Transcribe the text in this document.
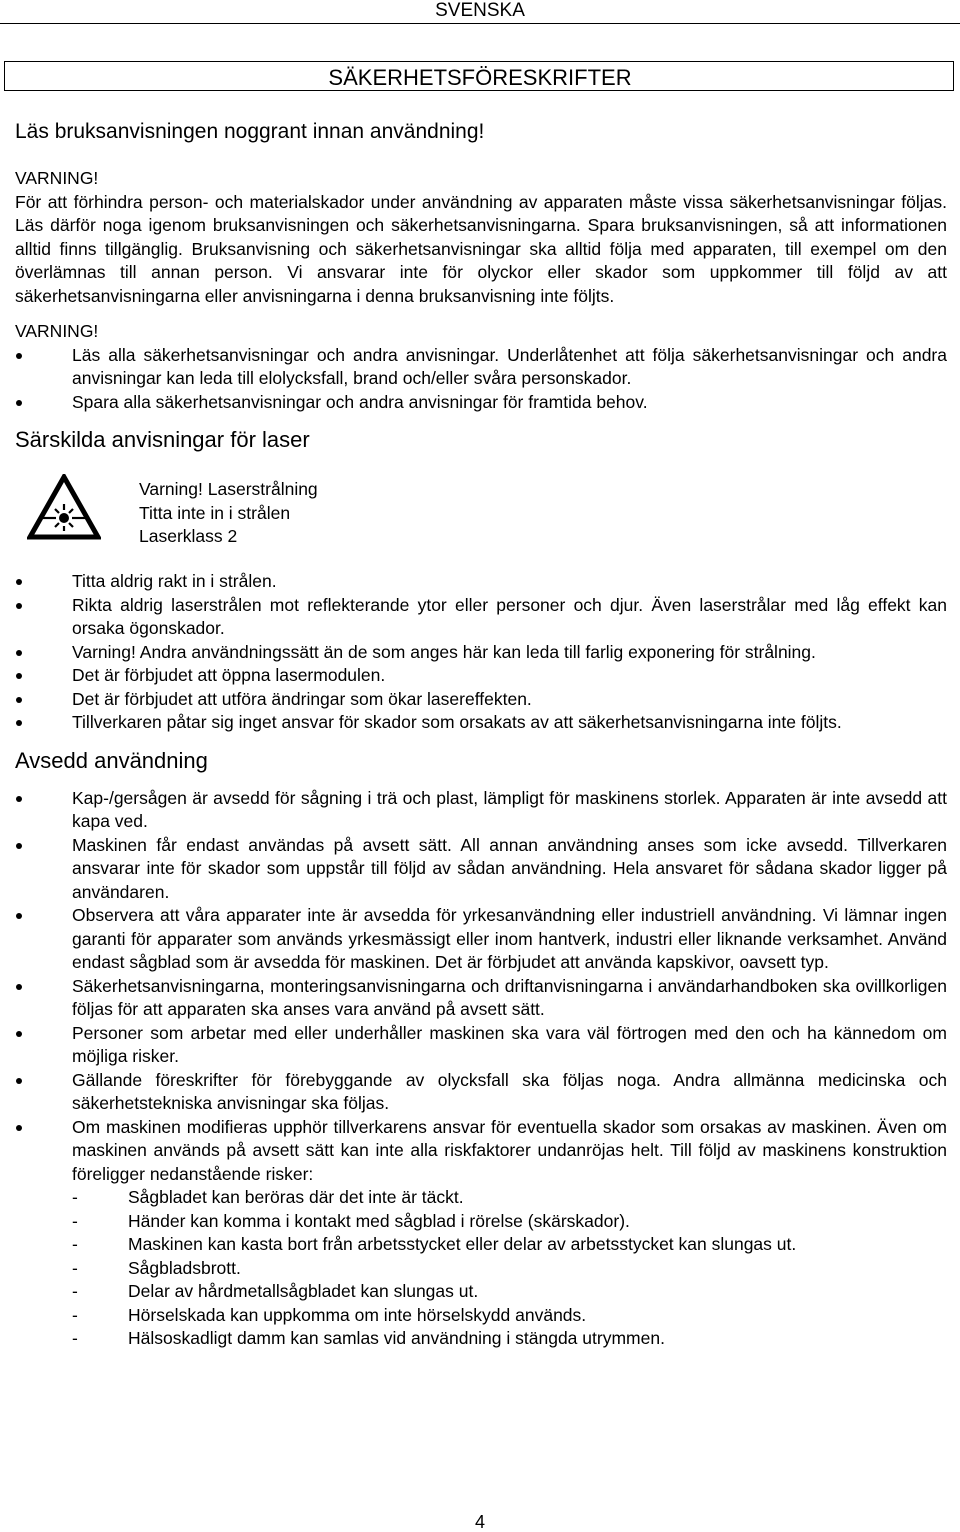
SVENSKA
SÄKERHETSFÖRESKRIFTER
Läs bruksanvisningen noggrant innan användning!

VARNING!

För att förhindra person- och materialskador under användning av apparaten måste vissa säkerhetsanvisningar följas. Läs därför noga igenom bruksanvisningen och säkerhetsanvisningarna. Spara bruksanvisningen, så att informationen alltid finns tillgänglig. Bruksanvisning och säkerhetsanvisningar ska alltid följa med apparaten, till exempel om den överlämnas till annan person. Vi ansvarar inte för olyckor eller skador som uppkommer till följd av att säkerhetsanvisningarna eller anvisningarna i denna bruksanvisning inte följts.

VARNING!

Läs alla säkerhetsanvisningar och andra anvisningar. Underlåtenhet att följa säkerhetsanvisningar och andra anvisningar kan leda till elolycksfall, brand och/eller svåra personskador.
Spara alla säkerhetsanvisningar och andra anvisningar för framtida behov.
Särskilda anvisningar för laser
Varning! Laserstrålning
Titta inte in i strålen
Laserklass 2
Titta aldrig rakt in i strålen.
Rikta aldrig laserstrålen mot reflekterande ytor eller personer och djur. Även laserstrålar med låg effekt kan orsaka ögonskador.
Varning! Andra användningssätt än de som anges här kan leda till farlig exponering för strålning.
Det är förbjudet att öppna lasermodulen.
Det är förbjudet att utföra ändringar som ökar lasereffekten.
Tillverkaren påtar sig inget ansvar för skador som orsakats av att säkerhetsanvisningarna inte följts.
Avsedd användning
Kap-/gersågen är avsedd för sågning i trä och plast, lämpligt för maskinens storlek. Apparaten är inte avsedd att kapa ved.
Maskinen får endast användas på avsett sätt. All annan användning anses som icke avsedd. Tillverkaren ansvarar inte för skador som uppstår till följd av sådan användning. Hela ansvaret för sådana skador ligger på användaren.
Observera att våra apparater inte är avsedda för yrkesanvändning eller industriell användning. Vi lämnar ingen garanti för apparater som används yrkesmässigt eller inom hantverk, industri eller liknande verksamhet. Använd endast sågblad som är avsedda för maskinen. Det är förbjudet att använda kapskivor, oavsett typ.
Säkerhetsanvisningarna, monteringsanvisningarna och driftanvisningarna i användarhandboken ska ovillkorligen följas för att apparaten ska anses vara använd på avsett sätt.
Personer som arbetar med eller underhåller maskinen ska vara väl förtrogen med den och ha kännedom om möjliga risker.
Gällande föreskrifter för förebyggande av olycksfall ska följas noga. Andra allmänna medicinska och säkerhetstekniska anvisningar ska följas.
Om maskinen modifieras upphör tillverkarens ansvar för eventuella skador som orsakas av maskinen. Även om maskinen används på avsett sätt kan inte alla riskfaktorer undanröjas helt. Till följd av maskinens konstruktion föreligger nedanstående risker:
-	Sågbladet kan beröras där det inte är täckt.
-	Händer kan komma i kontakt med sågblad i rörelse (skärskador).
-	Maskinen kan kasta bort från arbetsstycket eller delar av arbetsstycket kan slungas ut.
-	Sågbladsbrott.
-	Delar av hårdmetallsågbladet kan slungas ut.
-	Hörselskada kan uppkomma om inte hörselskydd används.
-	Hälsoskadligt damm kan samlas vid användning i stängda utrymmen.
4
